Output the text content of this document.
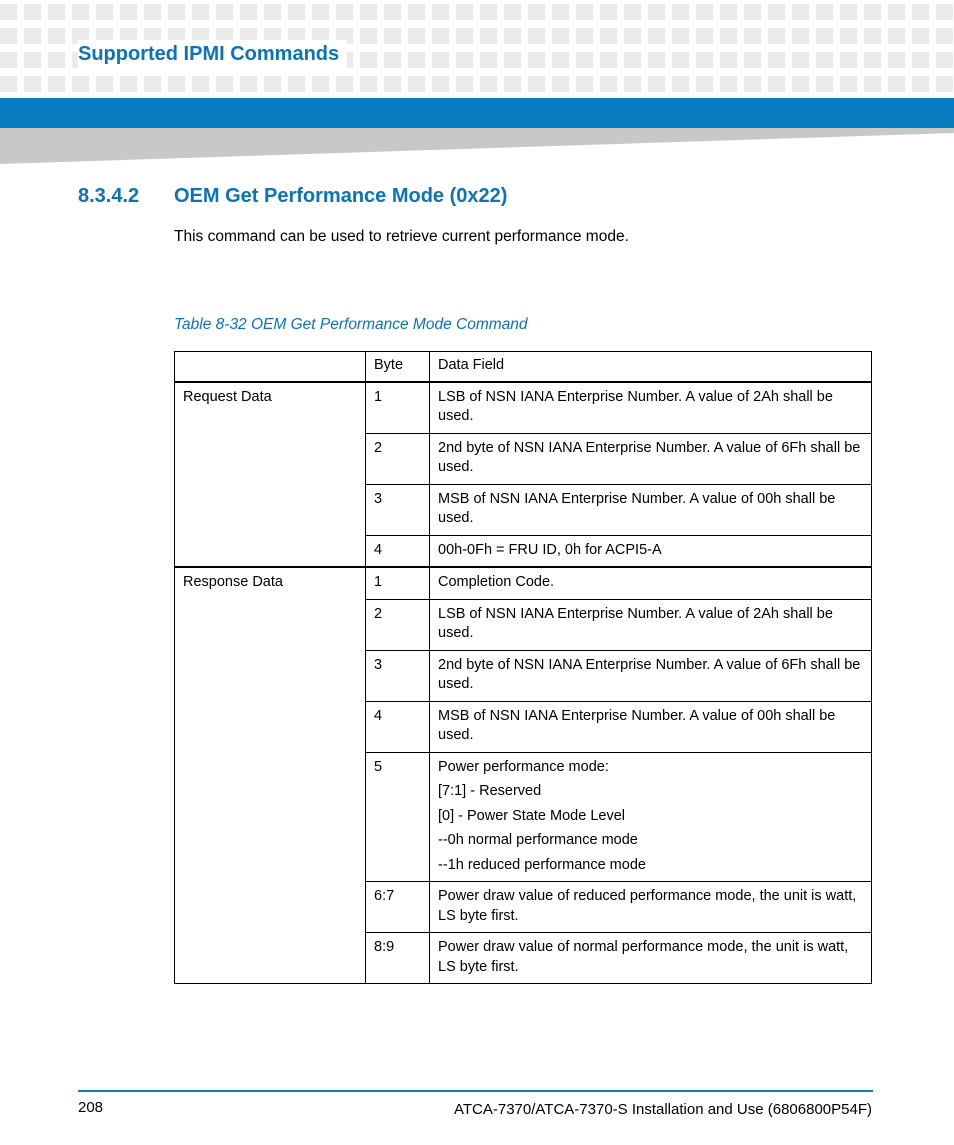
Supported IPMI Commands
8.3.4.2 OEM Get Performance Mode (0x22)
This command can be used to retrieve current performance mode.
Table 8-32 OEM Get Performance Mode Command
	Byte	Data Field
Request Data	1	LSB of NSN IANA Enterprise Number. A value of 2Ah shall be used.
	2	2nd byte of NSN IANA Enterprise Number. A value of 6Fh shall be used.
	3	MSB of NSN IANA Enterprise Number. A value of 00h shall be used.
	4	00h-0Fh = FRU ID, 0h for ACPI5-A
Response Data	1	Completion Code.
	2	LSB of NSN IANA Enterprise Number. A value of 2Ah shall be used.
	3	2nd byte of NSN IANA Enterprise Number. A value of 6Fh shall be used.
	4	MSB of NSN IANA Enterprise Number. A value of 00h shall be used.
	5	Power performance mode:
[7:1] - Reserved
[0] - Power State Mode Level
--0h normal performance mode
--1h reduced performance mode

	6:7	Power draw value of reduced performance mode, the unit is watt, LS byte first.
	8:9	Power draw value of normal performance mode, the unit is watt, LS byte first.
208	ATCA-7370/ATCA-7370-S Installation and Use (6806800P54F)
